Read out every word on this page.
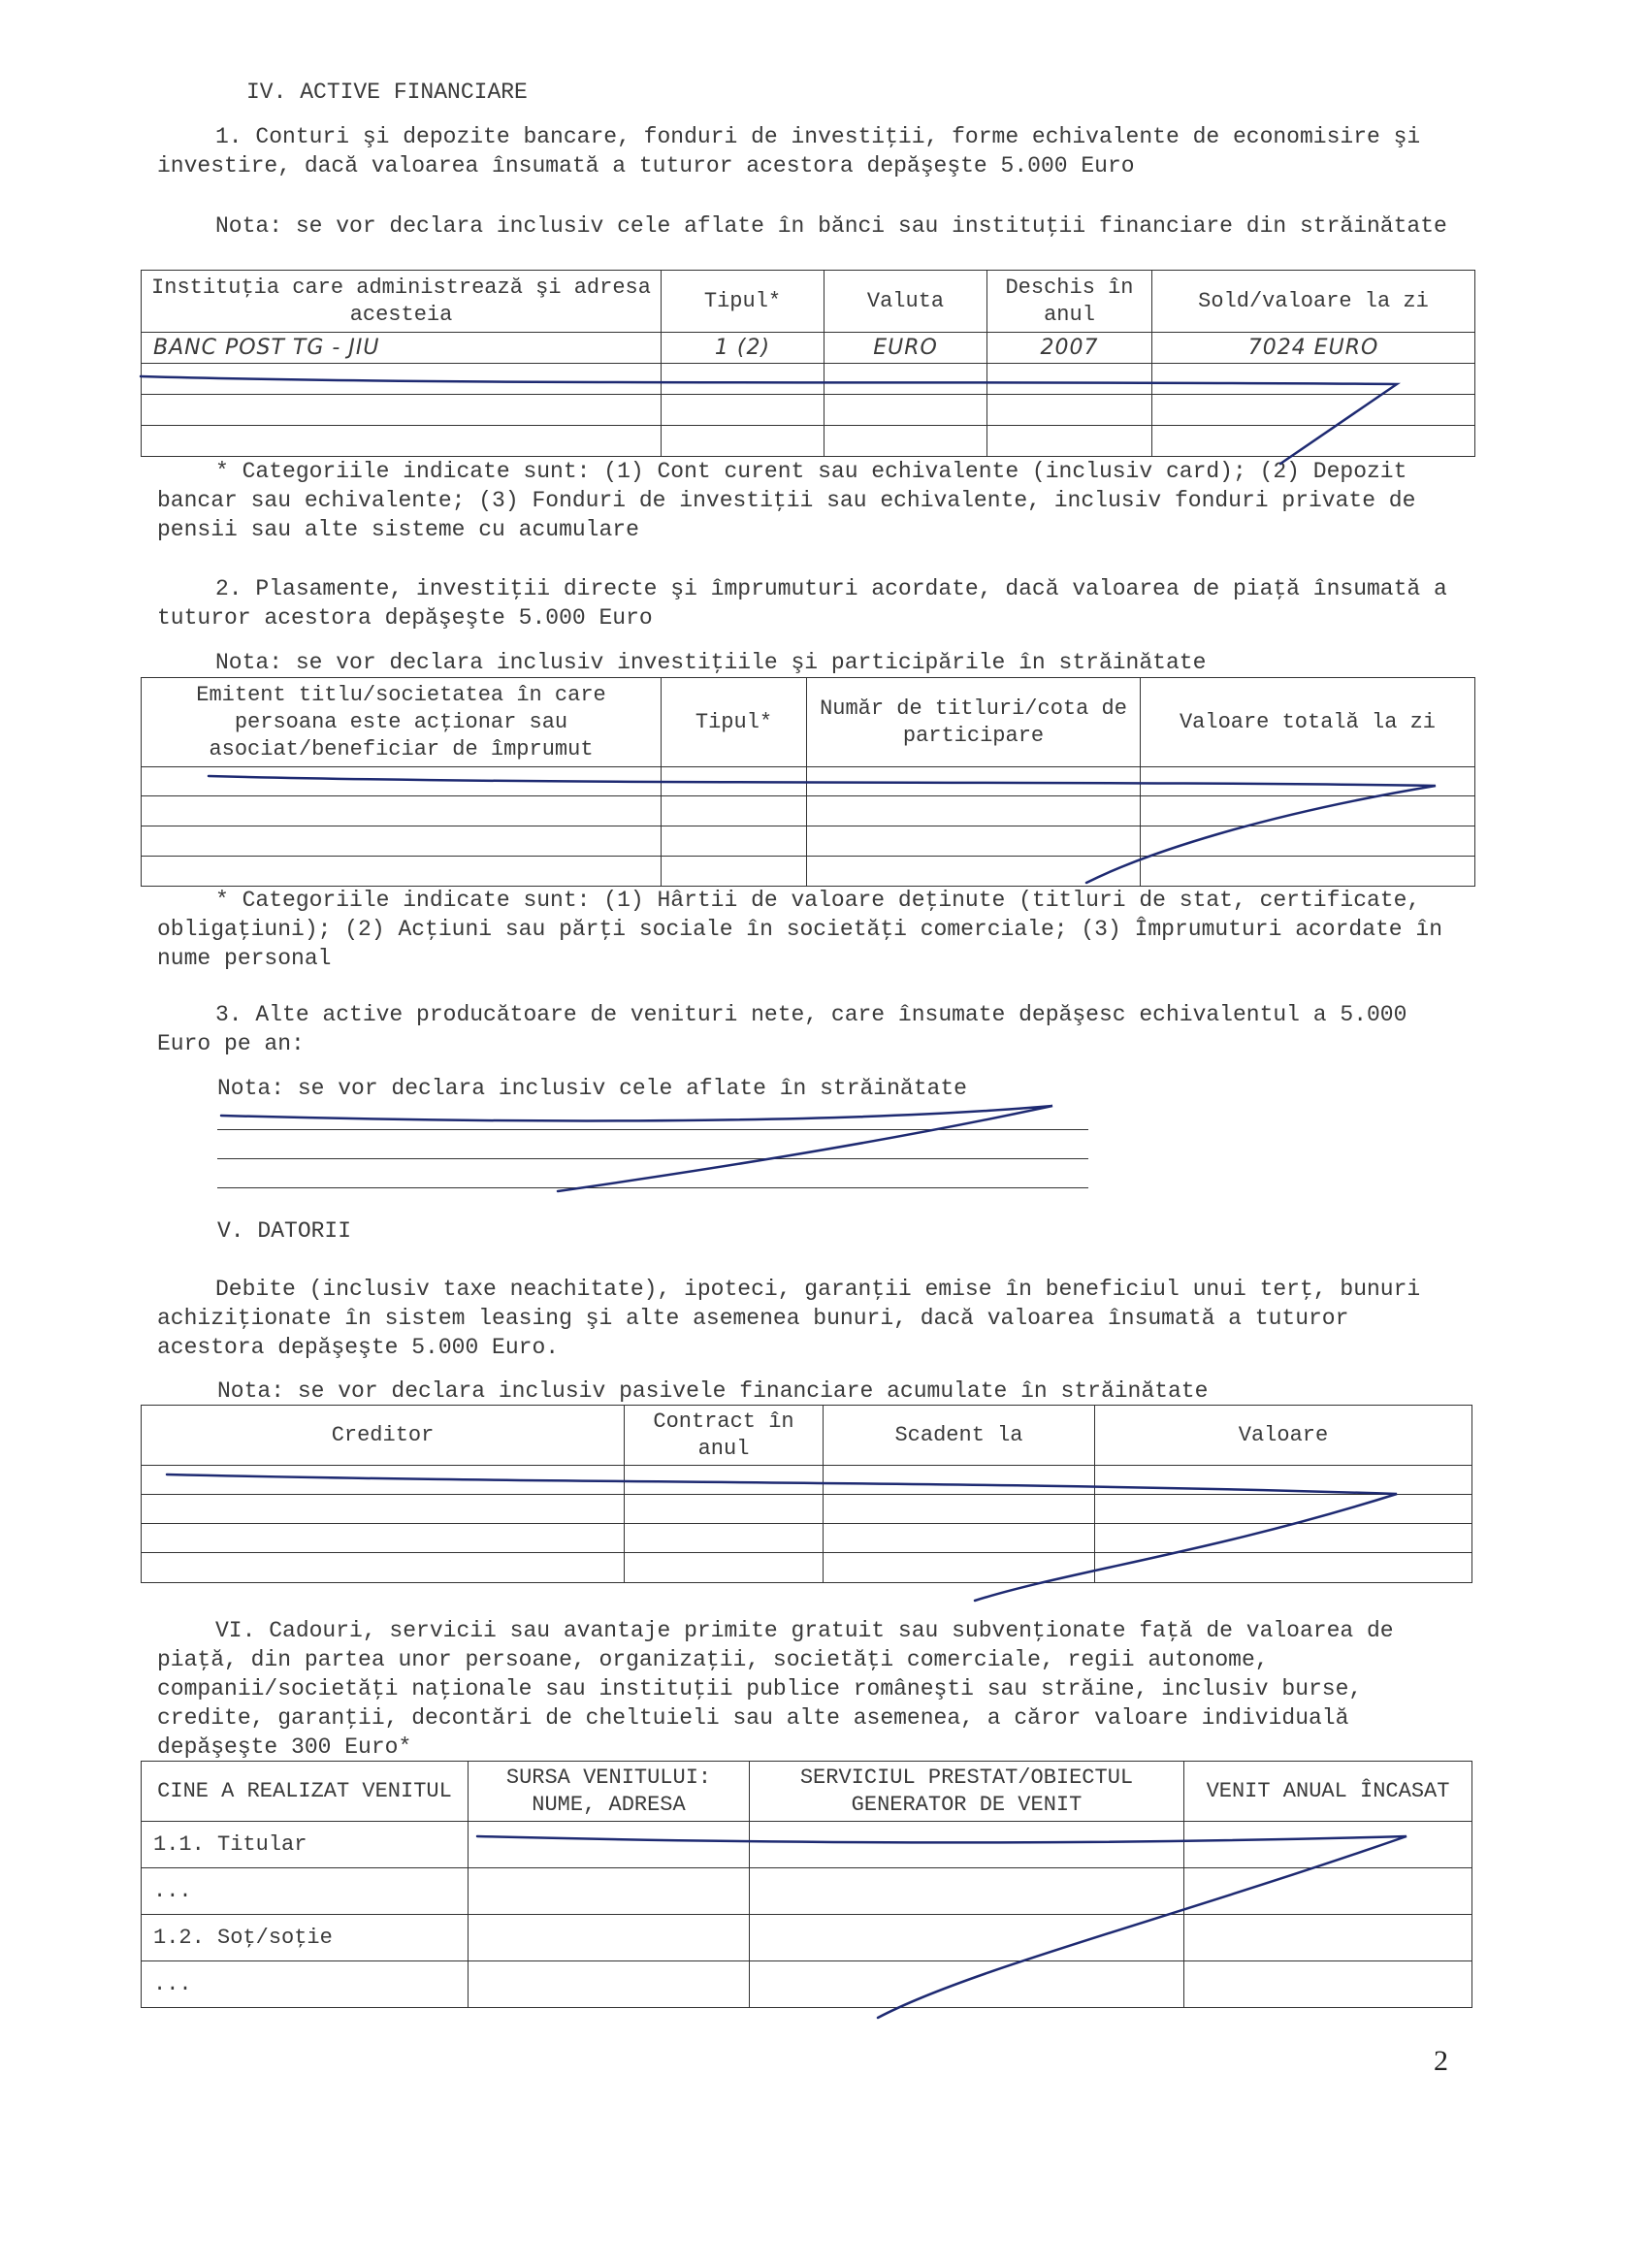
IV. ACTIVE FINANCIARE
1. Conturi şi depozite bancare, fonduri de investiţii, forme echivalente de economisire şi investire, dacă valoarea însumată a tuturor acestora depăşeşte 5.000 Euro
Nota: se vor declara inclusiv cele aflate în bănci sau instituţii financiare din străinătate
Instituţia care administrează şi adresa acesteia	Tipul*	Valuta	Deschis în anul	Sold/valoare la zi
BANC POST TG - JIU	1 (2)	EURO	2007	7024 EURO

* Categoriile indicate sunt: (1) Cont curent sau echivalente (inclusiv card); (2) Depozit bancar sau echivalente; (3) Fonduri de investiţii sau echivalente, inclusiv fonduri private de pensii sau alte sisteme cu acumulare
2. Plasamente, investiţii directe şi împrumuturi acordate, dacă valoarea de piaţă însumată a tuturor acestora depăşeşte 5.000 Euro
Nota: se vor declara inclusiv investiţiile şi participările în străinătate
Emitent titlu/societatea în care persoana este acţionar sau asociat/beneficiar de împrumut	Tipul*	Număr de titluri/cota de participare	Valoare totală la zi

* Categoriile indicate sunt: (1) Hârtii de valoare deţinute (titluri de stat, certificate, obligaţiuni); (2) Acţiuni sau părţi sociale în societăţi comerciale; (3) Împrumuturi acordate în nume personal
3. Alte active producătoare de venituri nete, care însumate depăşesc echivalentul a 5.000 Euro pe an:
Nota: se vor declara inclusiv cele aflate în străinătate
V. DATORII
Debite (inclusiv taxe neachitate), ipoteci, garanţii emise în beneficiul unui terţ, bunuri achiziţionate în sistem leasing şi alte asemenea bunuri, dacă valoarea însumată a tuturor acestora depăşeşte 5.000 Euro.
Nota: se vor declara inclusiv pasivele financiare acumulate în străinătate
Creditor	Contract în anul	Scadent la	Valoare

VI. Cadouri, servicii sau avantaje primite gratuit sau subvenţionate faţă de valoarea de piaţă, din partea unor persoane, organizaţii, societăţi comerciale, regii autonome, companii/societăţi naţionale sau instituţii publice româneşti sau străine, inclusiv burse, credite, garanţii, decontări de cheltuieli sau alte asemenea, a căror valoare individuală depăşeşte 300 Euro*
CINE A REALIZAT VENITUL	SURSA VENITULUI: NUME, ADRESA	SERVICIUL PRESTAT/OBIECTUL GENERATOR DE VENIT	VENIT ANUAL ÎNCASAT
1.1. Titular			
...			
1.2. Soţ/soţie			
...			
2
